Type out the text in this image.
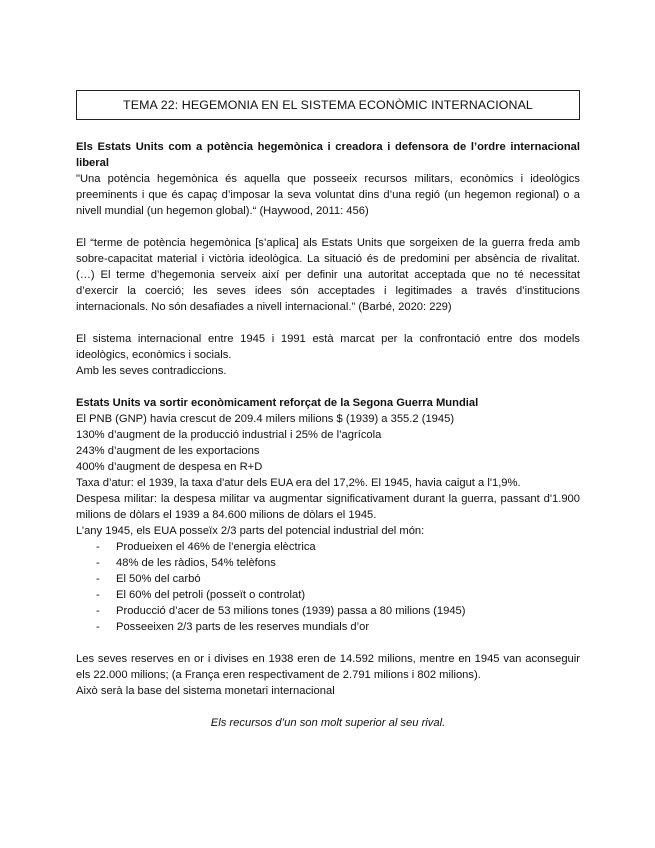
TEMA 22: HEGEMONIA EN EL SISTEMA ECONÒMIC INTERNACIONAL

Els Estats Units com a potència hegemònica i creadora i defensora de l’ordre internacional liberal

"Una potència hegemònica és aquella que posseeix recursos militars, econòmics i ideològics preeminents i que és capaç d’imposar la seva voluntat dins d’una regió (un hegemon regional) o a nivell mundial (un hegemon global).“ (Haywood, 2011: 456)

El “terme de potència hegemònica [s’aplica] als Estats Units que sorgeixen de la guerra freda amb sobre-capacitat material i victòria ideològica. La situació és de predomini per absència de rivalitat. (…) El terme d’hegemonia serveix així per definir una autoritat acceptada que no té necessitat d’exercir la coerció; les seves idees són acceptades i legitimades a través d’institucions internacionals. No són desafiades a nivell internacional.” (Barbé, 2020: 229)

El sistema internacional entre 1945 i 1991 està marcat per la confrontació entre dos models ideològics, econòmics i socials.

Amb les seves contradiccions.

Estats Units va sortir econòmicament reforçat de la Segona Guerra Mundial

El PNB (GNP) havia crescut de 209.4 milers milions $ (1939) a 355.2 (1945)

130% d’augment de la producció industrial i 25% de l’agrícola

243% d’augment de les exportacions

400% d’augment de despesa en R+D

Taxa d’atur: el 1939, la taxa d'atur dels EUA era del 17,2%. El 1945, havia caigut a l'1,9%.

Despesa militar: la despesa militar va augmentar significativament durant la guerra, passant d'1.900 milions de dòlars el 1939 a 84.600 milions de dòlars el 1945.

L’any 1945, els EUA posseïx 2/3 parts del potencial industrial del món:

- Produeixen el 46% de l’energia elèctrica
- 48% de les ràdios, 54% telèfons
- El 50% del carbó
- El 60% del petroli (posseït o controlat)
- Producció d’acer de 53 milions tones (1939) passa a 80 milions (1945)
- Posseeixen 2/3 parts de les reserves mundials d’or

Les seves reserves en or i divises en 1938 eren de 14.592 milions, mentre en 1945 van aconseguir els 22.000 milions; (a França eren respectivament de 2.791 milions i 802 milions).

Això serà la base del sistema monetari internacional

Els recursos d’un son molt superior al seu rival.
